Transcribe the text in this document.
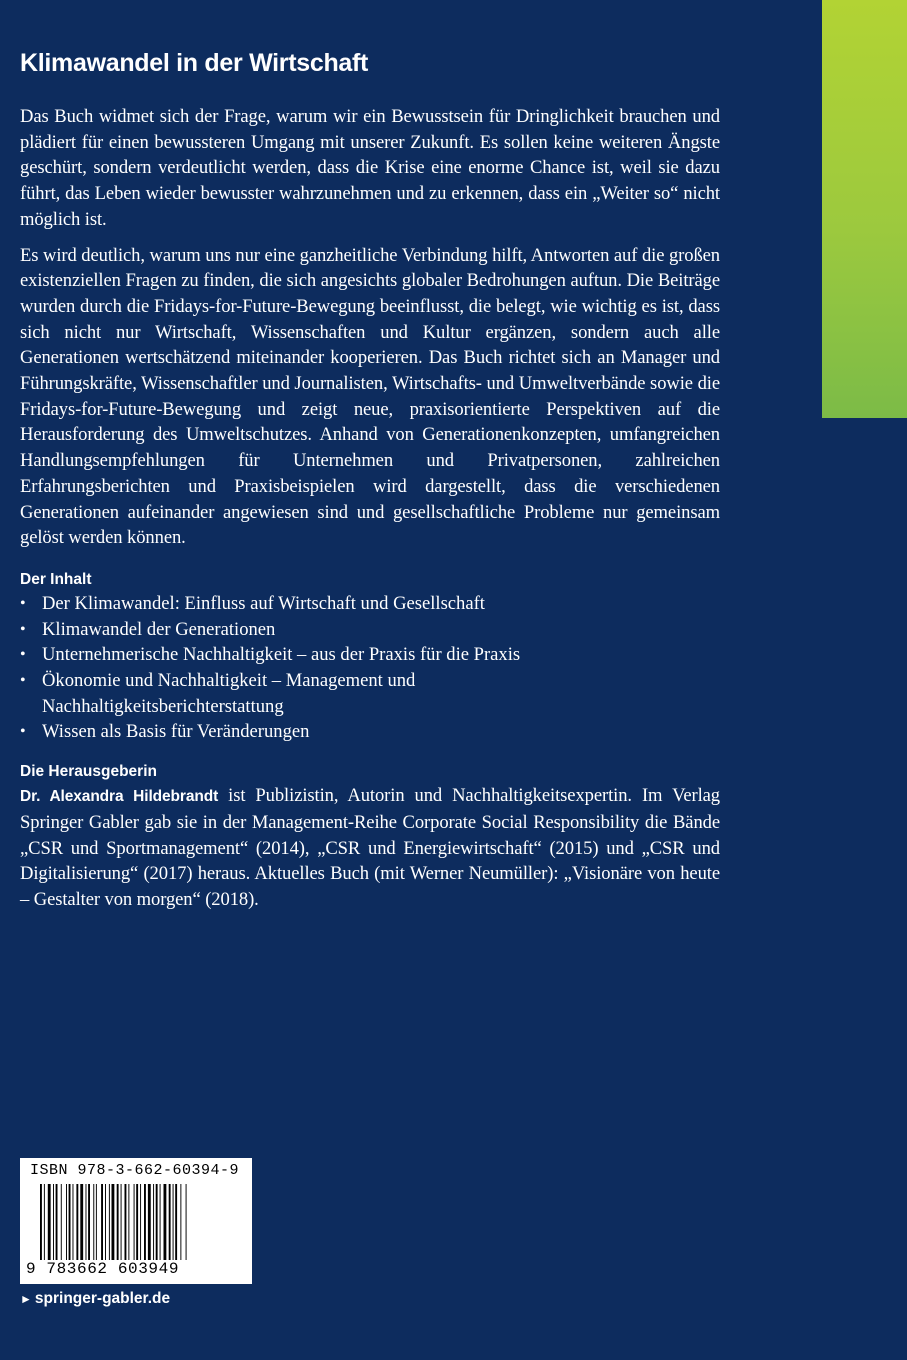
Klimawandel in der Wirtschaft

Das Buch widmet sich der Frage, warum wir ein Bewusstsein für Dringlichkeit brauchen und plädiert für einen bewussteren Umgang mit unserer Zukunft. Es sollen keine weiteren Ängste geschürt, sondern verdeutlicht werden, dass die Krise eine enorme Chance ist, weil sie dazu führt, das Leben wieder bewusster wahrzunehmen und zu erkennen, dass ein „Weiter so“ nicht möglich ist.

Es wird deutlich, warum uns nur eine ganzheitliche Verbindung hilft, Antworten auf die großen existenziellen Fragen zu finden, die sich angesichts globaler Bedrohungen auftun. Die Beiträge wurden durch die Fridays-for-Future-Bewegung beeinflusst, die belegt, wie wichtig es ist, dass sich nicht nur Wirtschaft, Wissenschaften und Kultur ergänzen, sondern auch alle Generationen wertschätzend miteinander kooperieren. Das Buch richtet sich an Manager und Führungskräfte, Wissenschaftler und Journalisten, Wirtschafts- und Umweltverbände sowie die Fridays-for-Future-Bewegung und zeigt neue, praxisorientierte Perspektiven auf die Herausforderung des Umweltschutzes. Anhand von Generationenkonzepten, umfangreichen Handlungsempfehlungen für Unternehmen und Privatpersonen, zahlreichen Erfahrungsberichten und Praxisbeispielen wird dargestellt, dass die verschiedenen Generationen aufeinander angewiesen sind und gesellschaftliche Probleme nur gemeinsam gelöst werden können.

Der Inhalt
• Der Klimawandel: Einfluss auf Wirtschaft und Gesellschaft
• Klimawandel der Generationen
• Unternehmerische Nachhaltigkeit – aus der Praxis für die Praxis
• Ökonomie und Nachhaltigkeit – Management und Nachhaltigkeitsberichterstattung
• Wissen als Basis für Veränderungen
Die Herausgeberin

Dr. Alexandra Hildebrandt ist Publizistin, Autorin und Nachhaltigkeitsexpertin. Im Verlag Springer Gabler gab sie in der Management-Reihe Corporate Social Responsibility die Bände „CSR und Sportmanagement“ (2014), „CSR und Energiewirtschaft“ (2015) und „CSR und Digitalisierung“ (2017) heraus. Aktuelles Buch (mit Werner Neumüller): „Visionäre von heute – Gestalter von morgen“ (2018).

ISBN 978-3-662-60394-9
9 783662 603949
► springer-gabler.de
